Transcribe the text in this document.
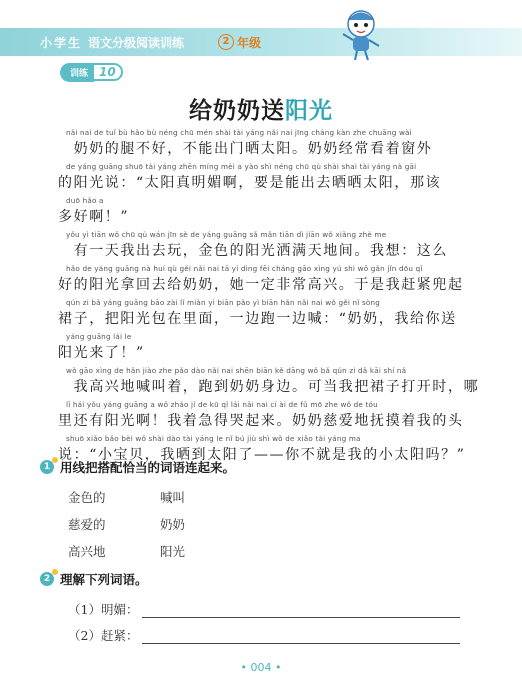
小学生 语文分级阅读训练	2 年级
训练 10
给奶奶送阳光
nǎi nai de tuǐ bù hǎo bù néng chū mén shài tài yáng nǎi nai jīng cháng kàn zhe chuāng wài
　奶奶的腿不好，不能出门晒太阳。奶奶经常看着窗外
de yáng guāng shuō tài yáng zhēn míng mèi a yào shì néng chū qù shài shai tài yáng nà gāi
的阳光说：“太阳真明媚啊，要是能出去晒晒太阳，那该
duō hǎo a
多好啊！”
yǒu yì tiān wǒ chū qù wán jīn sè de yáng guāng sǎ mǎn tiān dì jiān wǒ xiǎng zhè me
　有一天我出去玩，金色的阳光洒满天地间。我想：这么
hǎo de yáng guāng nà huí qù gěi nǎi nai tā yí dìng fēi cháng gāo xìng yú shì wǒ gǎn jǐn dōu qǐ
好的阳光拿回去给奶奶，她一定非常高兴。于是我赶紧兜起
qún zi bǎ yáng guāng bāo zài lǐ miàn yì biān pǎo yì biān hǎn nǎi nai wǒ gěi nǐ sòng
裙子，把阳光包在里面，一边跑一边喊：“奶奶，我给你送
yáng guāng lái le
阳光来了！”
wǒ gāo xìng de hǎn jiào zhe pǎo dào nǎi nai shēn biān kě dāng wǒ bǎ qún zi dǎ kāi shí nǎ
　我高兴地喊叫着，跑到奶奶身边。可当我把裙子打开时，哪
lǐ hái yǒu yáng guāng a wǒ zháo jí de kū qǐ lái nǎi nai cí ài de fǔ mō zhe wǒ de tóu
里还有阳光啊！我着急得哭起来。奶奶慈爱地抚摸着我的头
shuō xiǎo bǎo bèi wǒ shài dào tài yáng le nǐ bú jiù shì wǒ de xiǎo tài yáng ma
说：“小宝贝，我晒到太阳了——你不就是我的小太阳吗？”
1 用线把搭配恰当的词语连起来。
金色的	喊叫
慈爱的	奶奶
高兴地	阳光
2 理解下列词语。
（1）明媚：
（2）赶紧：
• 004 •
